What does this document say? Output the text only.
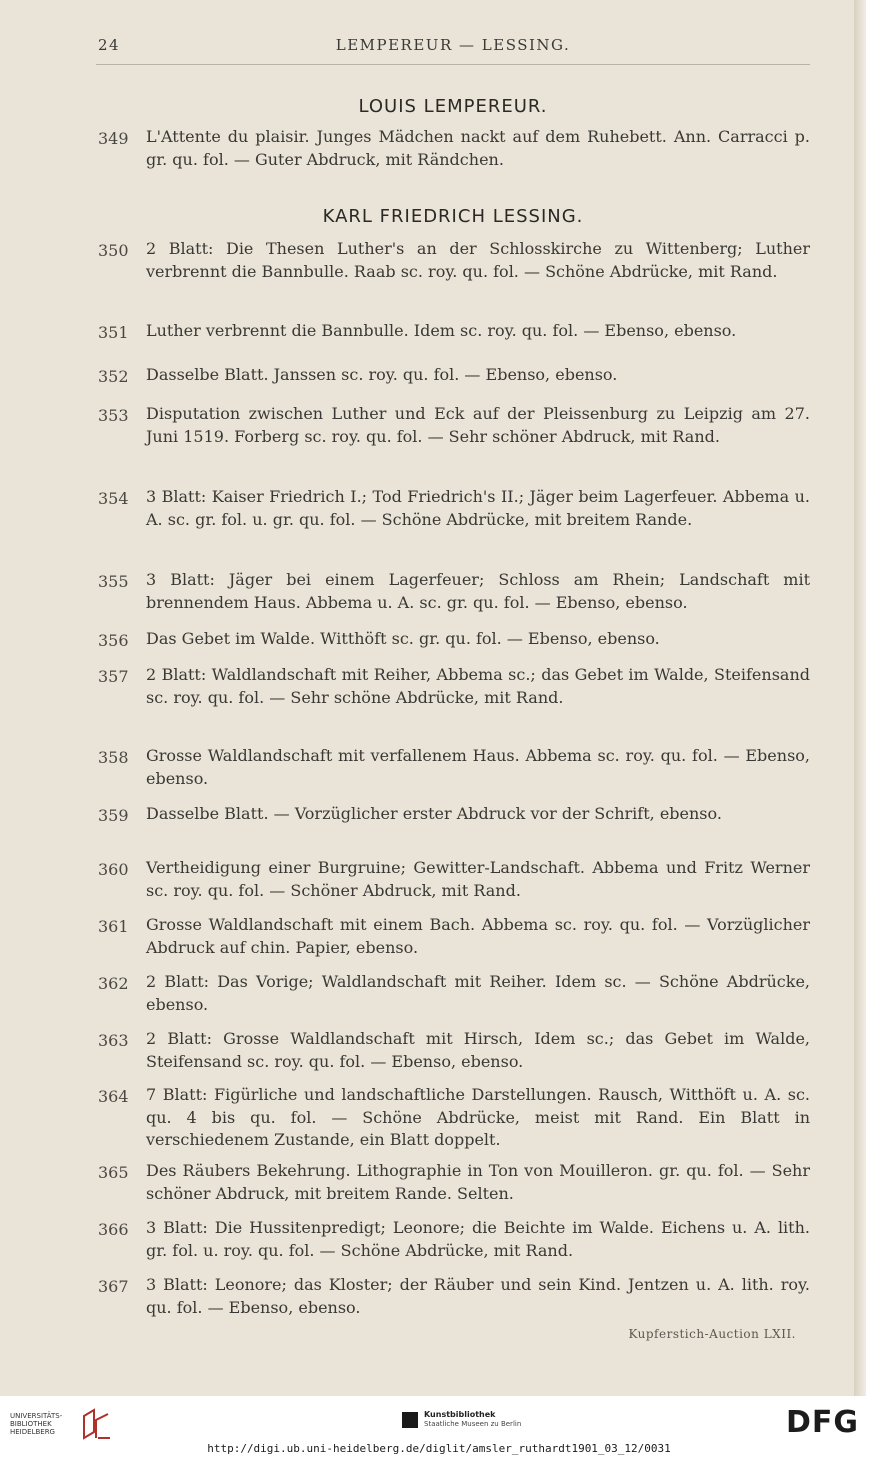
24	LEMPEREUR — LESSING.
LOUIS LEMPEREUR.
349	L'Attente du plaisir. Junges Mädchen nackt auf dem Ruhebett. Ann. Carracci p. gr. qu. fol. — Guter Abdruck, mit Rändchen.
KARL FRIEDRICH LESSING.
350	2 Blatt: Die Thesen Luther's an der Schlosskirche zu Wittenberg; Luther verbrennt die Bannbulle. Raab sc. roy. qu. fol. — Schöne Abdrücke, mit Rand.
351	Luther verbrennt die Bannbulle. Idem sc. roy. qu. fol. — Ebenso, ebenso.
352	Dasselbe Blatt. Janssen sc. roy. qu. fol. — Ebenso, ebenso.
353	Disputation zwischen Luther und Eck auf der Pleissenburg zu Leipzig am 27. Juni 1519. Forberg sc. roy. qu. fol. — Sehr schöner Abdruck, mit Rand.
354	3 Blatt: Kaiser Friedrich I.; Tod Friedrich's II.; Jäger beim Lagerfeuer. Abbema u. A. sc. gr. fol. u. gr. qu. fol. — Schöne Abdrücke, mit breitem Rande.
355	3 Blatt: Jäger bei einem Lagerfeuer; Schloss am Rhein; Landschaft mit brennendem Haus. Abbema u. A. sc. gr. qu. fol. — Ebenso, ebenso.
356	Das Gebet im Walde. Witthöft sc. gr. qu. fol. — Ebenso, ebenso.
357	2 Blatt: Waldlandschaft mit Reiher, Abbema sc.; das Gebet im Walde, Steifensand sc. roy. qu. fol. — Sehr schöne Abdrücke, mit Rand.
358	Grosse Waldlandschaft mit verfallenem Haus. Abbema sc. roy. qu. fol. — Ebenso, ebenso.
359	Dasselbe Blatt. — Vorzüglicher erster Abdruck vor der Schrift, ebenso.
360	Vertheidigung einer Burgruine; Gewitter-Landschaft. Abbema und Fritz Werner sc. roy. qu. fol. — Schöner Abdruck, mit Rand.
361	Grosse Waldlandschaft mit einem Bach. Abbema sc. roy. qu. fol. — Vorzüglicher Abdruck auf chin. Papier, ebenso.
362	2 Blatt: Das Vorige; Waldlandschaft mit Reiher. Idem sc. — Schöne Abdrücke, ebenso.
363	2 Blatt: Grosse Waldlandschaft mit Hirsch, Idem sc.; das Gebet im Walde, Steifensand sc. roy. qu. fol. — Ebenso, ebenso.
364	7 Blatt: Figürliche und landschaftliche Darstellungen. Rausch, Witthöft u. A. sc. qu. 4 bis qu. fol. — Schöne Abdrücke, meist mit Rand. Ein Blatt in verschiedenem Zustande, ein Blatt doppelt.
365	Des Räubers Bekehrung. Lithographie in Ton von Mouilleron. gr. qu. fol. — Sehr schöner Abdruck, mit breitem Rande. Selten.
366	3 Blatt: Die Hussitenpredigt; Leonore; die Beichte im Walde. Eichens u. A. lith. gr. fol. u. roy. qu. fol. — Schöne Abdrücke, mit Rand.
367	3 Blatt: Leonore; das Kloster; der Räuber und sein Kind. Jentzen u. A. lith. roy. qu. fol. — Ebenso, ebenso.
Kupferstich-Auction LXII.
UNIVERSITÄTS-
BIBLIOTHEK
HEIDELBERG
Kunstbibliothek
Staatliche Museen zu Berlin	DFG
http://digi.ub.uni-heidelberg.de/diglit/amsler_ruthardt1901_03_12/0031
